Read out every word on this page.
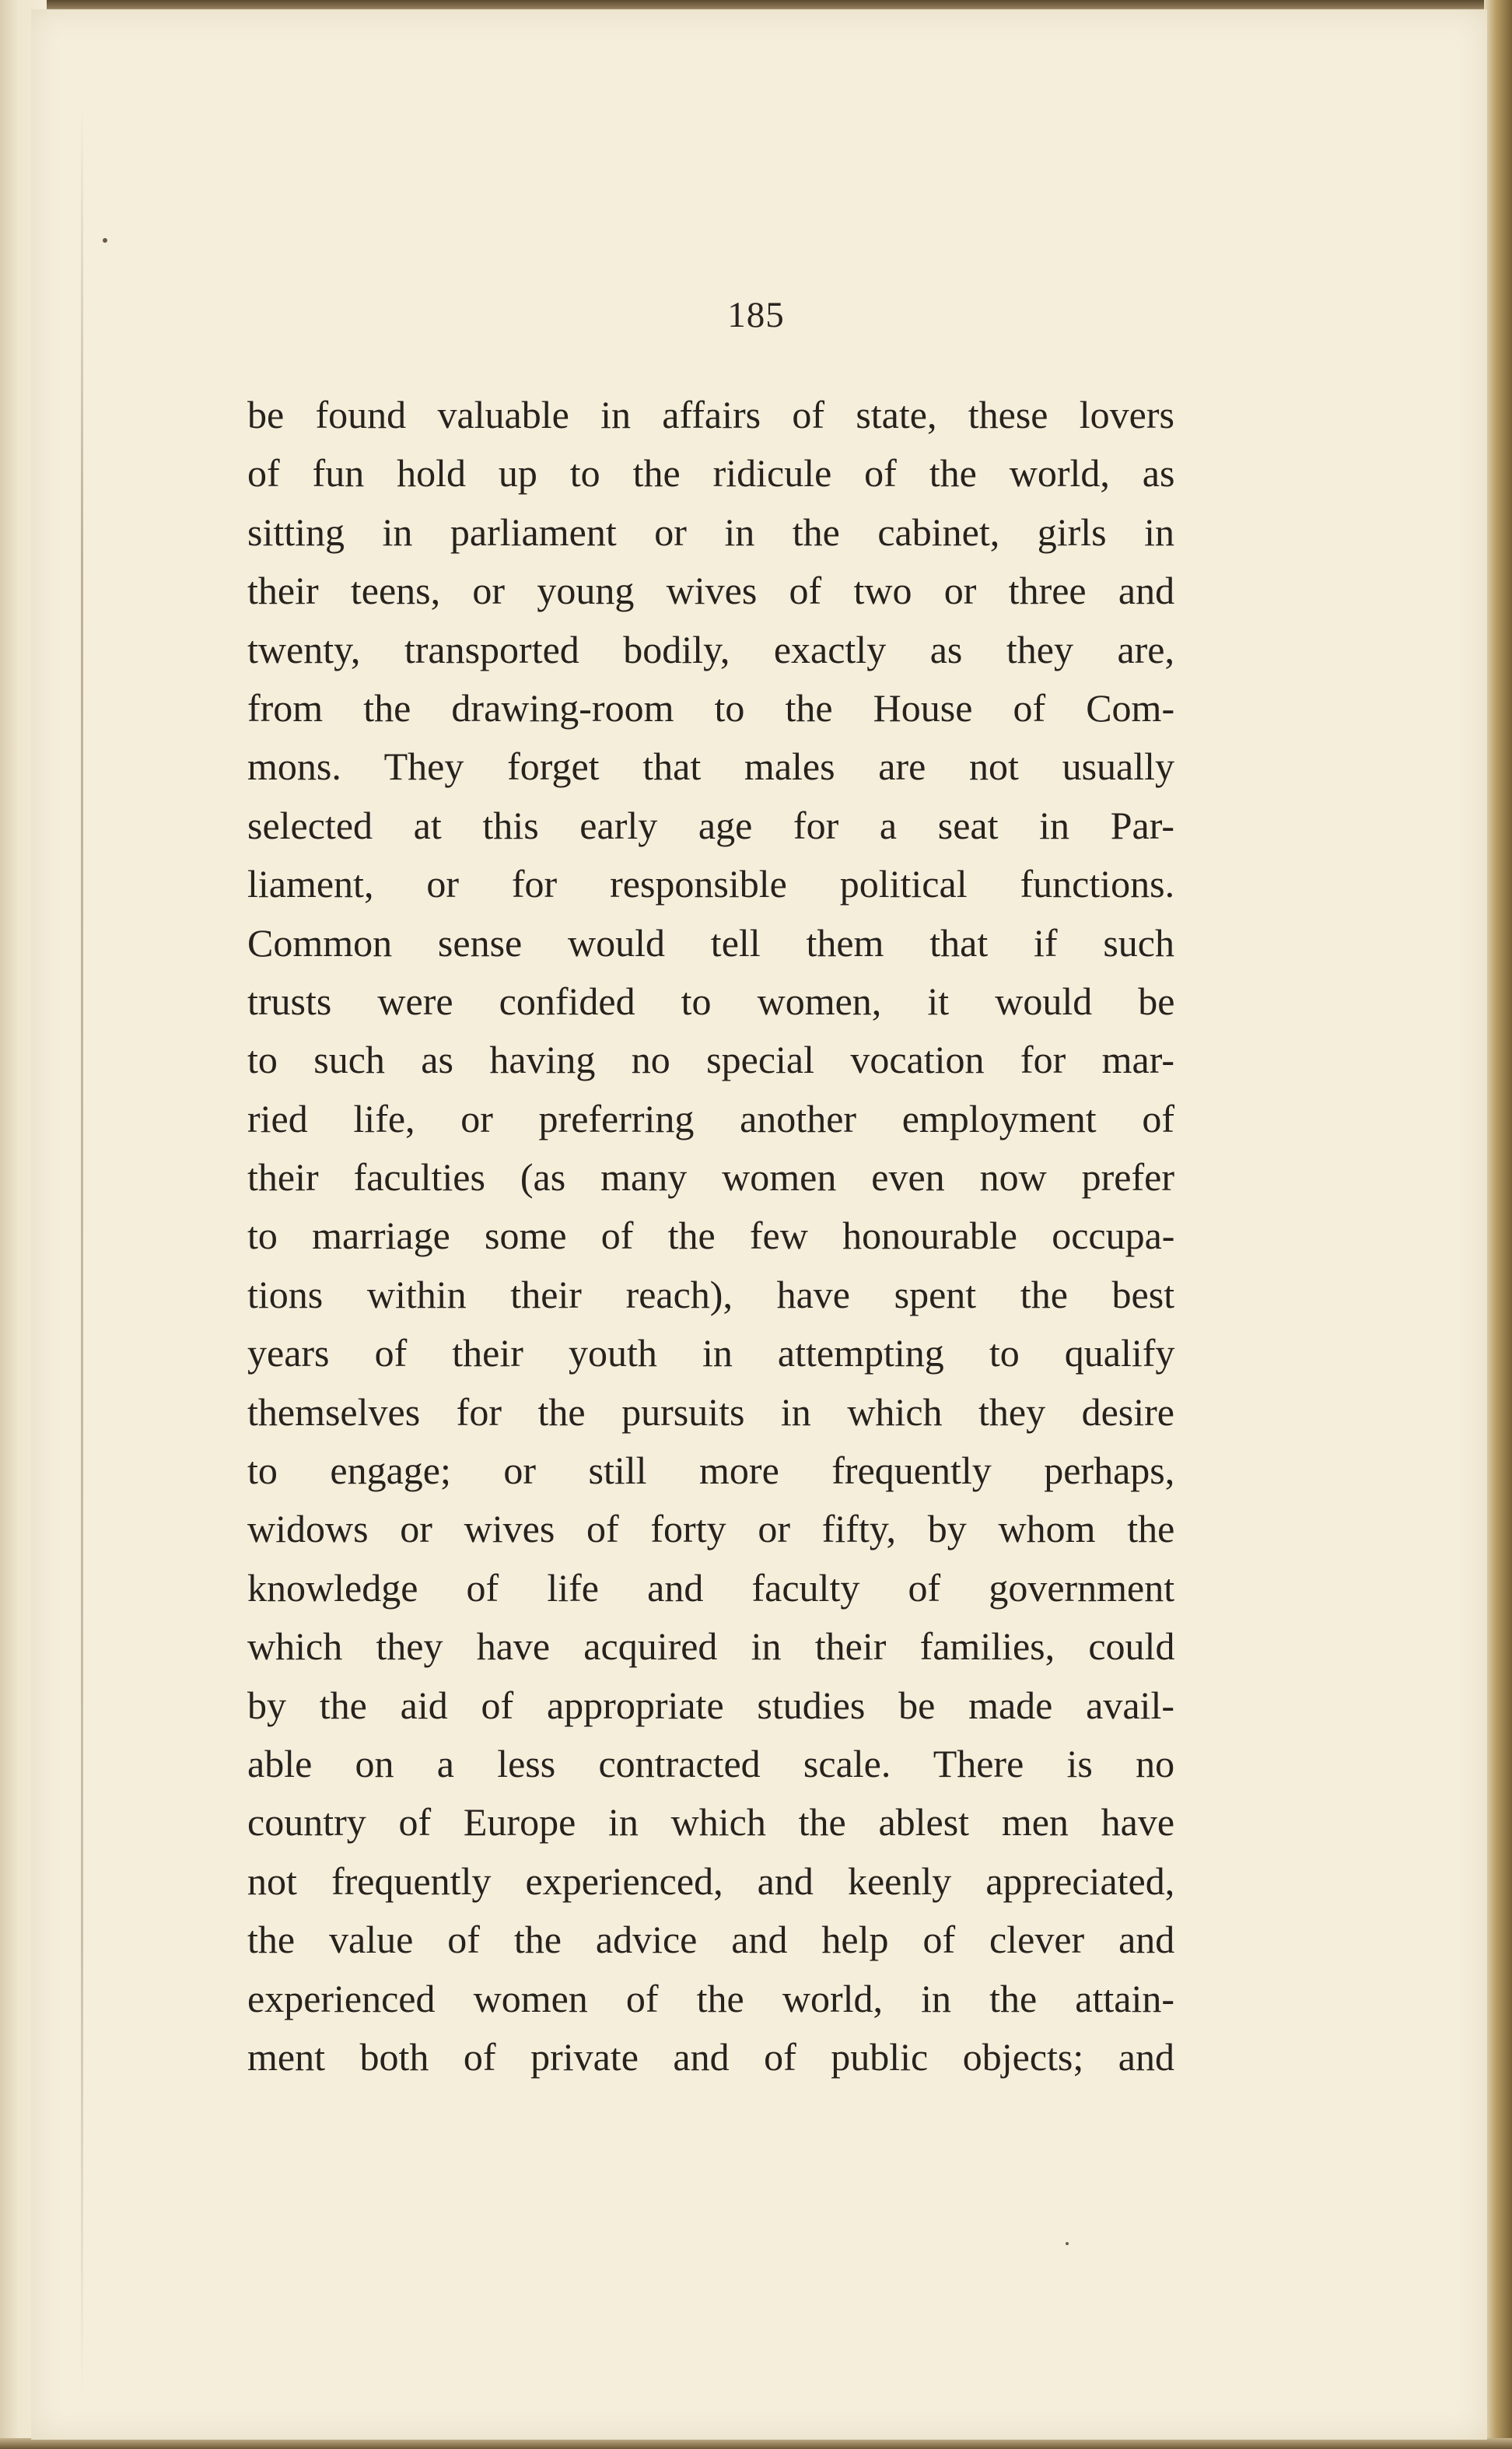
185
be found valuable in affairs of state, these lovers
of fun hold up to the ridicule of the world, as
sitting in parliament or in the cabinet, girls in
their teens, or young wives of two or three and
twenty, transported bodily, exactly as they are,
from the drawing-room to the House of Com-
mons. They forget that males are not usually
selected at this early age for a seat in Par-
liament, or for responsible political functions.
Common sense would tell them that if such
trusts were confided to women, it would be
to such as having no special vocation for mar-
ried life, or preferring another employment of
their faculties (as many women even now prefer
to marriage some of the few honourable occupa-
tions within their reach), have spent the best
years of their youth in attempting to qualify
themselves for the pursuits in which they desire
to engage; or still more frequently perhaps,
widows or wives of forty or fifty, by whom the
knowledge of life and faculty of government
which they have acquired in their families, could
by the aid of appropriate studies be made avail-
able on a less contracted scale. There is no
country of Europe in which the ablest men have
not frequently experienced, and keenly appreciated,
the value of the advice and help of clever and
experienced women of the world, in the attain-
ment both of private and of public objects; and
